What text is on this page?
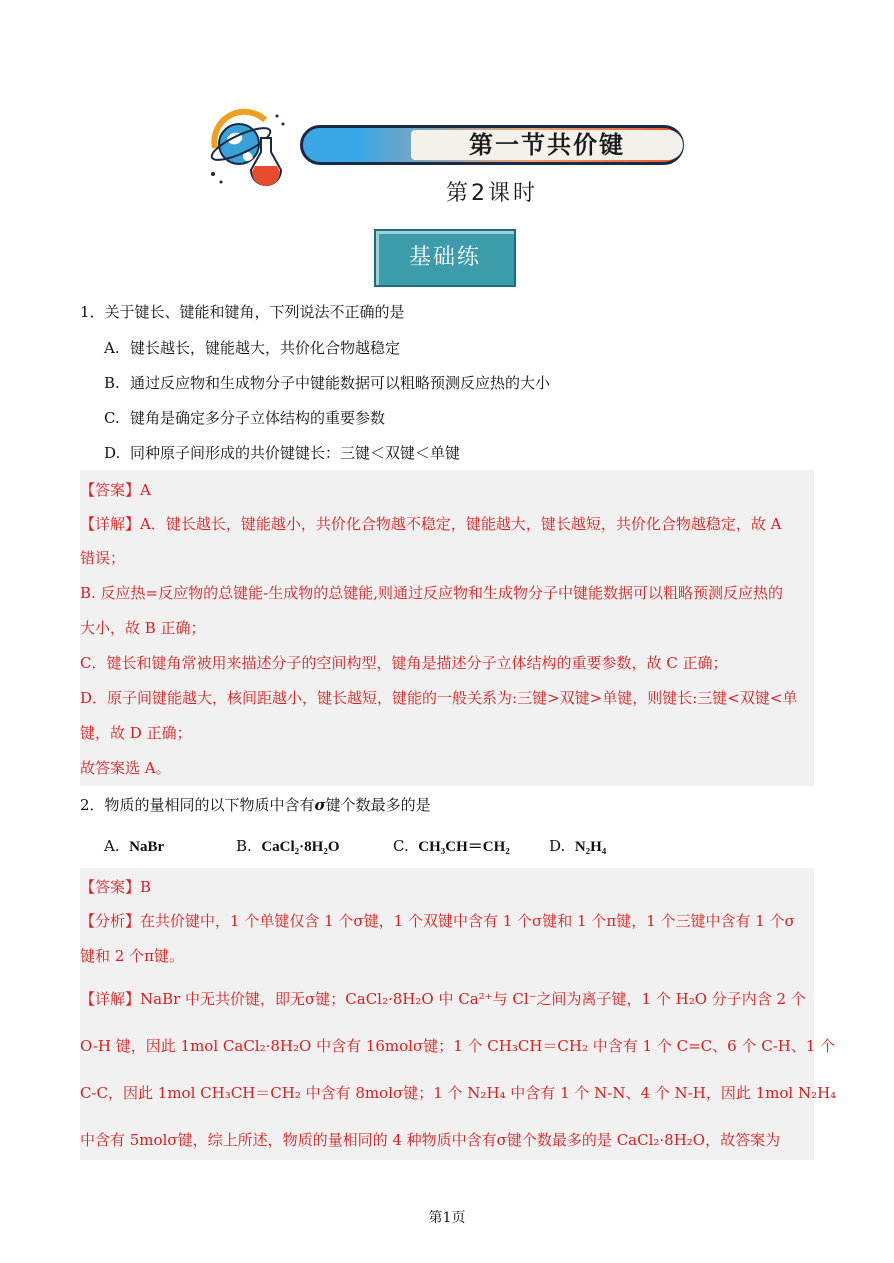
第一节共价键
第2课时
基础练
1．关于键长、键能和键角，下列说法不正确的是
A. 键长越长，键能越大，共价化合物越稳定
B. 通过反应物和生成物分子中键能数据可以粗略预测反应热的大小
C. 键角是确定多分子立体结构的重要参数
D. 同种原子间形成的共价键键长：三键＜双键＜单键
【答案】A
【详解】A．键长越长，键能越小，共价化合物越不稳定，键能越大，键长越短，共价化合物越稳定，故 A
错误；
B. 反应热=反应物的总键能-生成物的总键能,则通过反应物和生成物分子中键能数据可以粗略预测反应热的
大小，故 B 正确；
C．键长和键角常被用来描述分子的空间构型，键角是描述分子立体结构的重要参数，故 C 正确；
D．原子间键能越大，核间距越小，键长越短，键能的一般关系为:三键>双键>单键，则键长:三键<双键<单
键，故 D 正确；
故答案选 A。
2．物质的量相同的以下物质中含有σ键个数最多的是
A. NaBr	B. CaCl₂·8H₂O	C. CH₃CH＝CH₂	D. N₂H₄
【答案】B
【分析】在共价键中，1 个单键仅含 1 个σ键，1 个双键中含有 1 个σ键和 1 个π键，1 个三键中含有 1 个σ
键和 2 个π键。
【详解】NaBr 中无共价键，即无σ键；CaCl₂·8H₂O 中 Ca²⁺与 Cl⁻之间为离子键，1 个 H₂O 分子内含 2 个
O-H 键，因此 1mol CaCl₂·8H₂O 中含有 16molσ键；1 个 CH₃CH＝CH₂ 中含有 1 个 C=C、6 个 C-H、1 个
C-C，因此 1mol CH₃CH＝CH₂ 中含有 8molσ键；1 个 N₂H₄ 中含有 1 个 N-N、4 个 N-H，因此 1mol N₂H₄
中含有 5molσ键，综上所述，物质的量相同的 4 种物质中含有σ键个数最多的是 CaCl₂·8H₂O，故答案为
第1页
